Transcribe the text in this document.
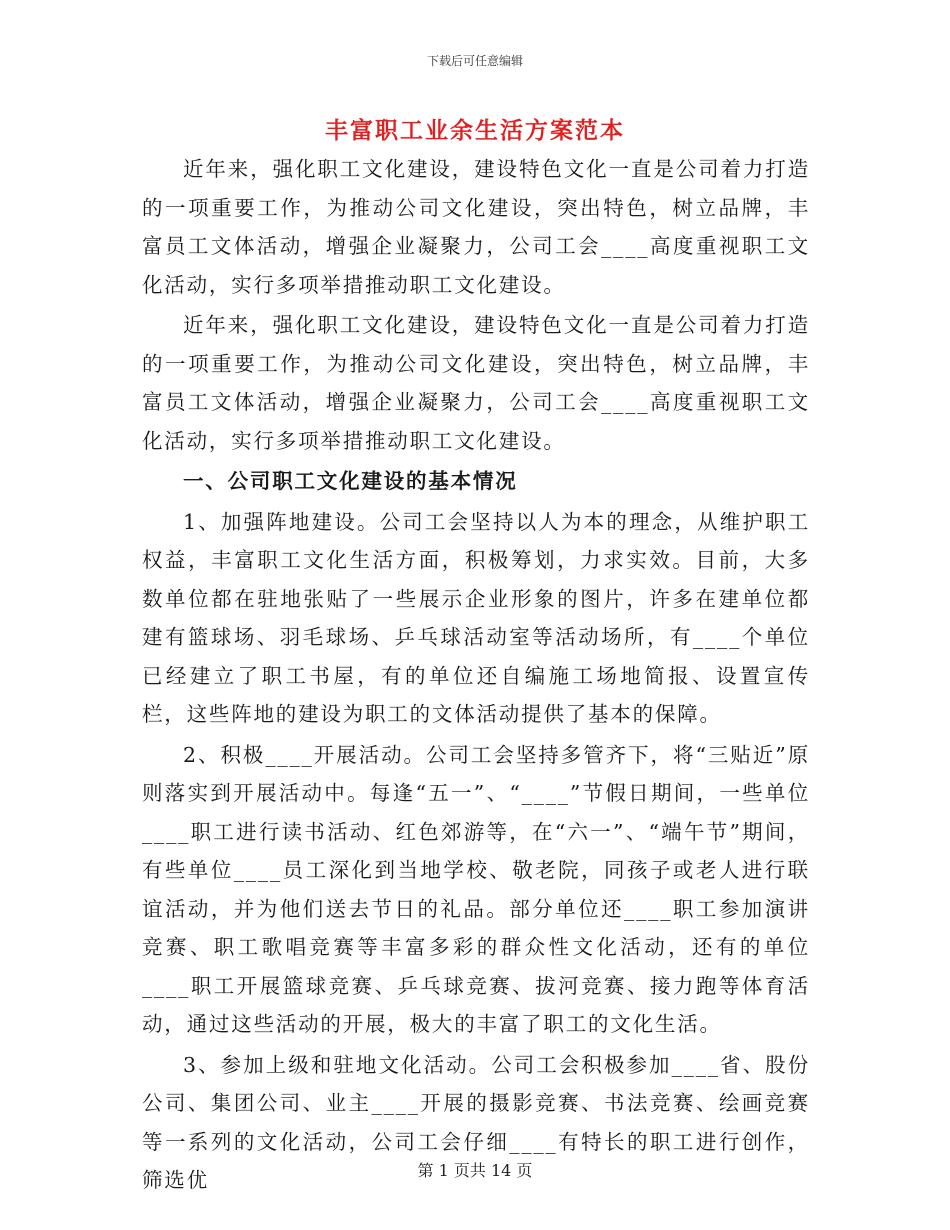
下载后可任意编辑
丰富职工业余生活方案范本

近年来，强化职工文化建设，建设特色文化一直是公司着力打造的一项重要工作，为推动公司文化建设，突出特色，树立品牌，丰富员工文体活动，增强企业凝聚力，公司工会____高度重视职工文化活动，实行多项举措推动职工文化建设。

近年来，强化职工文化建设，建设特色文化一直是公司着力打造的一项重要工作，为推动公司文化建设，突出特色，树立品牌，丰富员工文体活动，增强企业凝聚力，公司工会____高度重视职工文化活动，实行多项举措推动职工文化建设。

一、公司职工文化建设的基本情况

1、加强阵地建设。公司工会坚持以人为本的理念，从维护职工权益，丰富职工文化生活方面，积极筹划，力求实效。目前，大多数单位都在驻地张贴了一些展示企业形象的图片，许多在建单位都建有篮球场、羽毛球场、乒乓球活动室等活动场所，有____个单位已经建立了职工书屋，有的单位还自编施工场地简报、设置宣传栏，这些阵地的建设为职工的文体活动提供了基本的保障。

2、积极____开展活动。公司工会坚持多管齐下，将“三贴近”原则落实到开展活动中。每逢“五一”、“____”节假日期间，一些单位____职工进行读书活动、红色郊游等，在“六一”、“端午节”期间，有些单位____员工深化到当地学校、敬老院，同孩子或老人进行联谊活动，并为他们送去节日的礼品。部分单位还____职工参加演讲竞赛、职工歌唱竞赛等丰富多彩的群众性文化活动，还有的单位____职工开展篮球竞赛、乒乓球竞赛、拔河竞赛、接力跑等体育活动，通过这些活动的开展，极大的丰富了职工的文化生活。

3、参加上级和驻地文化活动。公司工会积极参加____省、股份公司、集团公司、业主____开展的摄影竞赛、书法竞赛、绘画竞赛等一系列的文化活动，公司工会仔细____有特长的职工进行创作，筛选优	第 1 页共 14 页
